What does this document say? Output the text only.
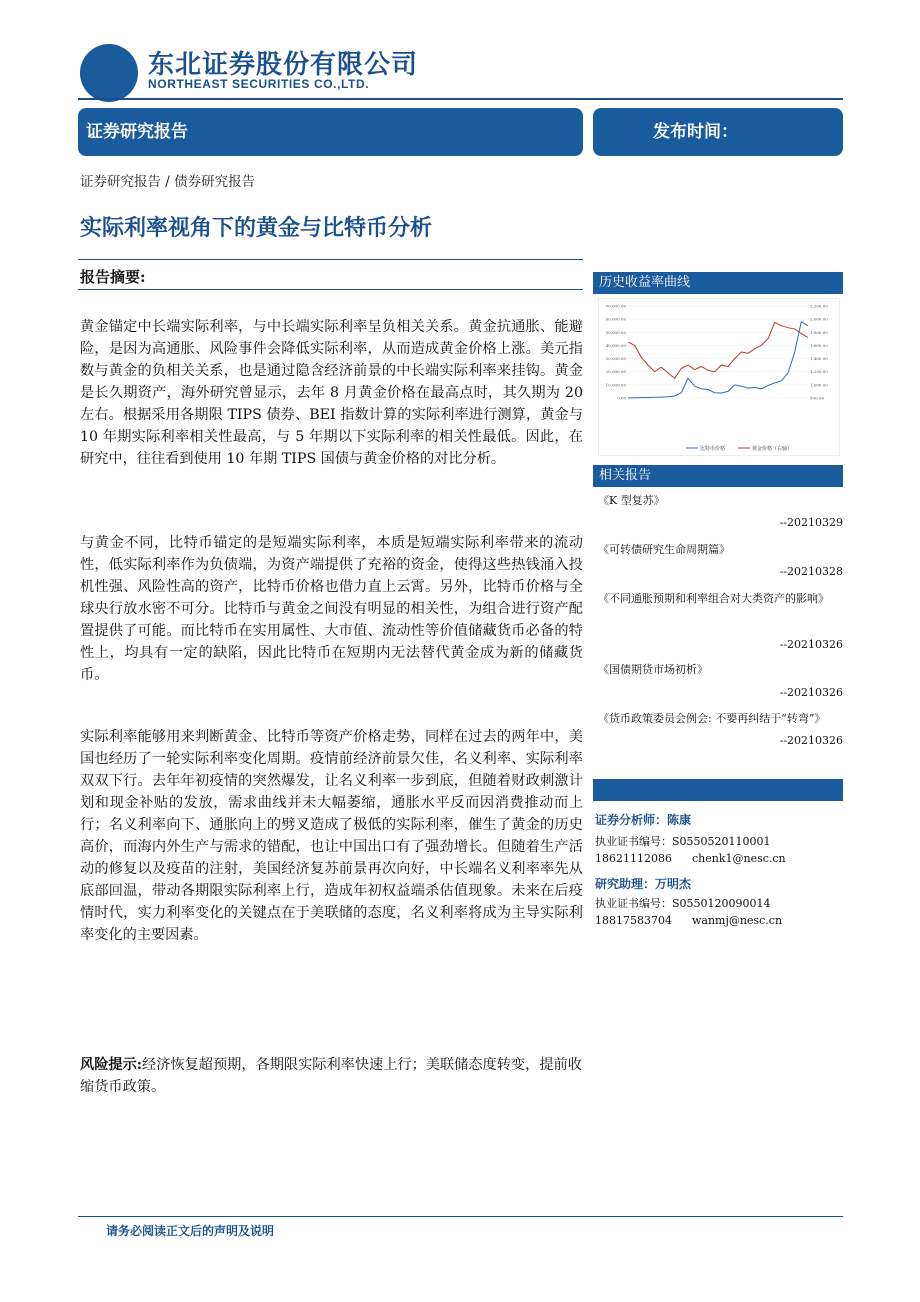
东北证券股份有限公司
NORTHEAST SECURITIES CO.,LTD.
证券研究报告	发布时间：2021-03-31
证券研究报告 / 债券研究报告
实际利率视角下的黄金与比特币分析
报告摘要:
黄金锚定中长端实际利率，与中长端实际利率呈负相关关系。黄金抗通胀、能避险，是因为高通胀、风险事件会降低实际利率，从而造成黄金价格上涨。美元指数与黄金的负相关关系，也是通过隐含经济前景的中长端实际利率来挂钩。黄金是长久期资产，海外研究曾显示，去年 8 月黄金价格在最高点时，其久期为 20 左右。根据采用各期限 TIPS 债券、BEI 指数计算的实际利率进行测算，黄金与 10 年期实际利率相关性最高，与 5 年期以下实际利率的相关性最低。因此，在研究中，往往看到使用 10 年期 TIPS 国债与黄金价格的对比分析。
与黄金不同，比特币锚定的是短端实际利率，本质是短端实际利率带来的流动性，低实际利率作为负债端，为资产端提供了充裕的资金，使得这些热钱涌入投机性强、风险性高的资产，比特币价格也借力直上云霄。另外，比特币价格与全球央行放水密不可分。比特币与黄金之间没有明显的相关性，为组合进行资产配置提供了可能。而比特币在实用属性、大市值、流动性等价值储藏货币必备的特性上，均具有一定的缺陷，因此比特币在短期内无法替代黄金成为新的储藏货币。
实际利率能够用来判断黄金、比特币等资产价格走势，同样在过去的两年中，美国也经历了一轮实际利率变化周期。疫情前经济前景欠佳，名义利率、实际利率双双下行。去年年初疫情的突然爆发，让名义利率一步到底，但随着财政刺激计划和现金补贴的发放，需求曲线并未大幅萎缩，通胀水平反而因消费推动而上行；名义利率向下、通胀向上的劈叉造成了极低的实际利率，催生了黄金的历史高价，而海内外生产与需求的错配，也让中国出口有了强劲增长。但随着生产活动的修复以及疫苗的注射，美国经济复苏前景再次向好，中长端名义利率率先从底部回温，带动各期限实际利率上行，造成年初权益端杀估值现象。未来在后疫情时代，实力利率变化的关键点在于美联储的态度，名义利率将成为主导实际利率变化的主要因素。
风险提示:经济恢复超预期，各期限实际利率快速上行；美联储态度转变，提前收缩货币政策。
历史收益率曲线
70,000.00
60,000.00
50,000.00
40,000.00
30,000.00
20,000.00
10,000.00
0.00
2,200.00
2,000.00
1,800.00
1,600.00
1,400.00
1,200.00
1,000.00
800.00
比特币价格	黄金价格（右轴）
相关报告
《K 型复苏》
--20210329
《可转债研究生命周期篇》
--20210328
《不同通胀预期和利率组合对大类资产的影响》
--20210326
《国债期货市场初析》
--20210326
《货币政策委员会例会: 不要再纠结于“转弯”》
--20210326
证券分析师：陈康
执业证书编号：S0550520110001
18621112086 chenk1@nesc.cn
研究助理：万明杰
执业证书编号：S0550120090014
18817583704 wanmj@nesc.cn
请务必阅读正文后的声明及说明
